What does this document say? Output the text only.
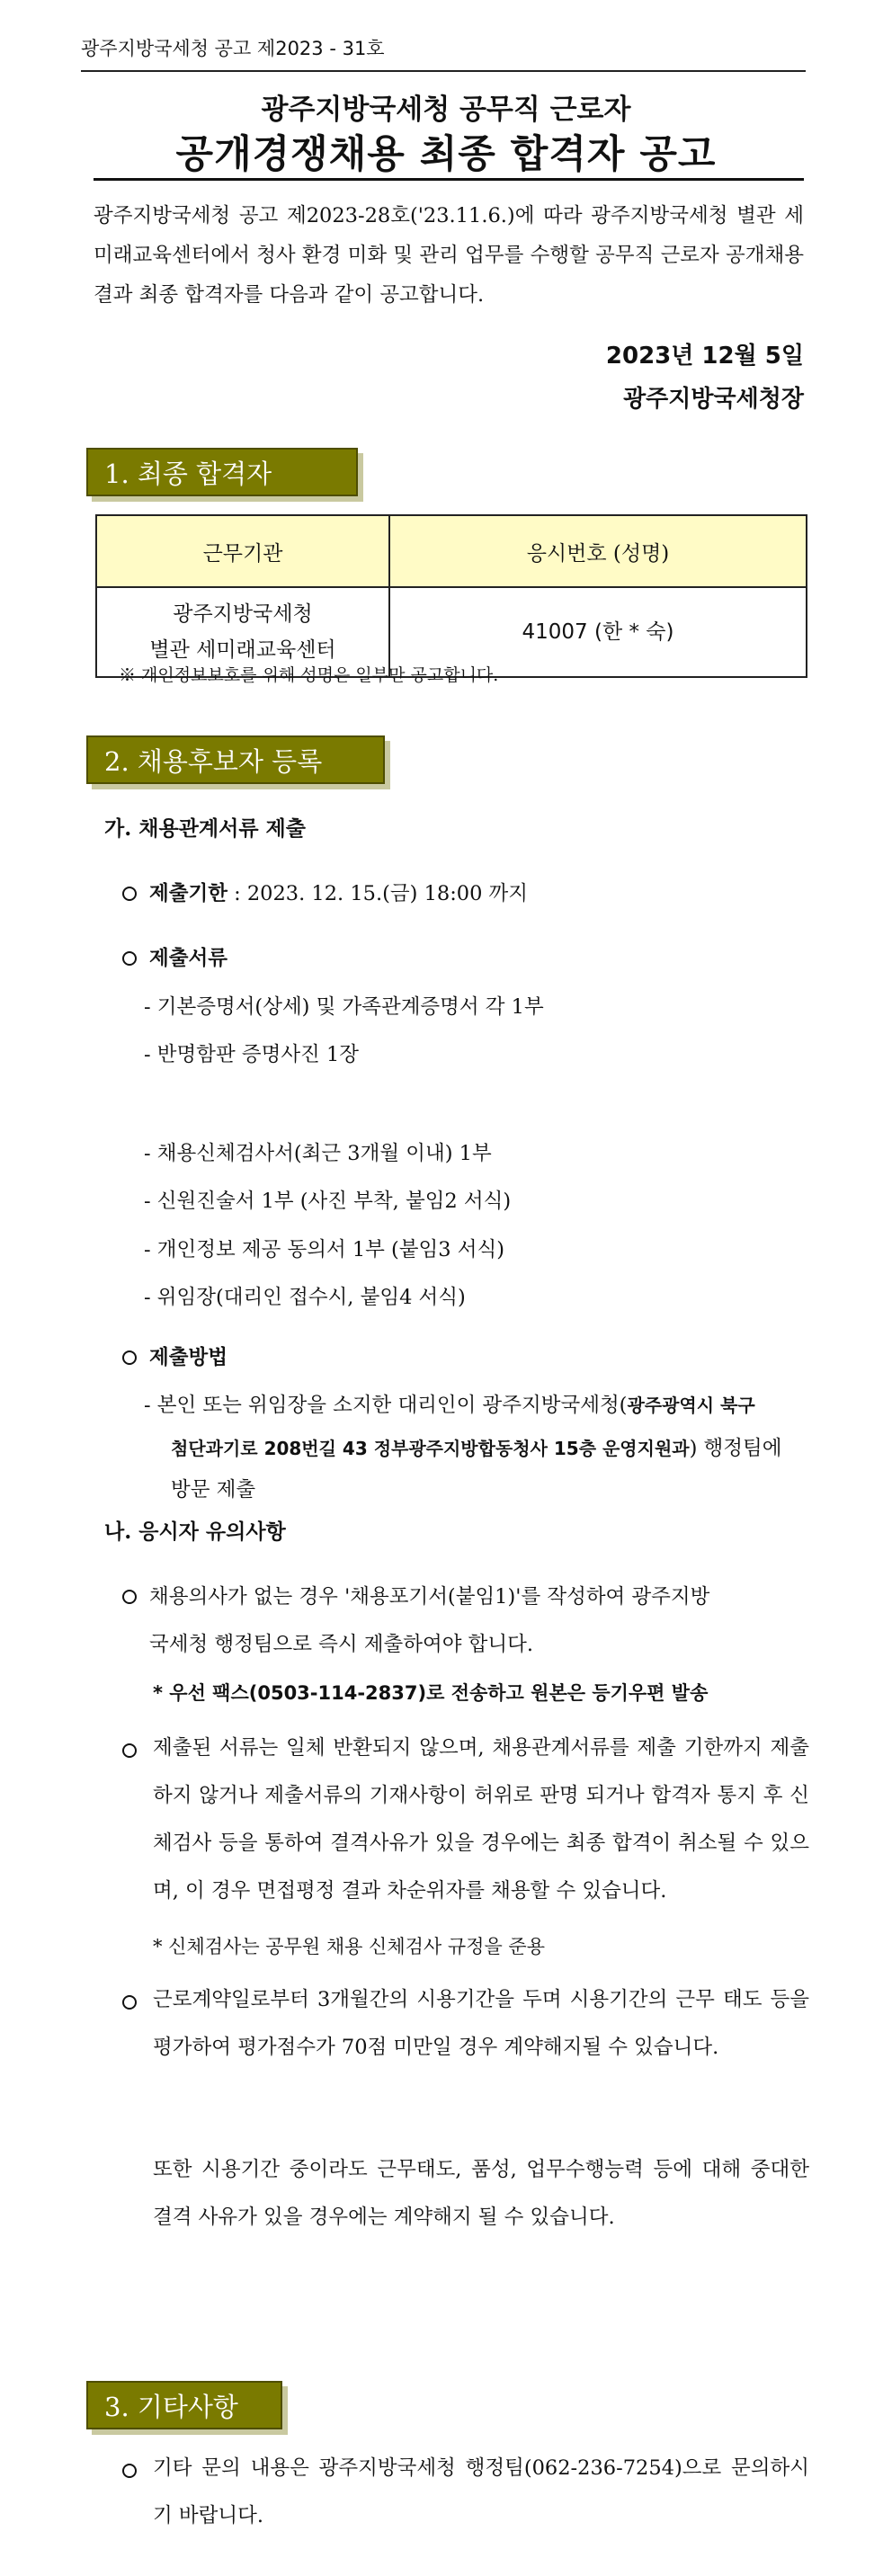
광주지방국세청 공고 제2023 - 31호
광주지방국세청 공무직 근로자
공개경쟁채용 최종 합격자 공고
광주지방국세청 공고 제2023-28호('23.11.6.)에 따라 광주지방국세청 별관 세미래교육센터에서 청사 환경 미화 및 관리 업무를 수행할 공무직 근로자 공개채용 결과 최종 합격자를 다음과 같이 공고합니다.
2023년 12월 5일
광주지방국세청장
1. 최종 합격자
근무기관	응시번호 (성명)

광주지방국세청
별관 세미래교육센터	41007 (한 * 숙)
※ 개인정보보호를 위해 성명은 일부만 공고합니다.
2. 채용후보자 등록
가. 채용관계서류 제출
제출기한 : 2023. 12. 15.(금) 18:00 까지
제출서류
- 기본증명서(상세) 및 가족관계증명서 각 1부
- 반명함판 증명사진 1장
- 채용신체검사서(최근 3개월 이내) 1부
- 신원진술서 1부 (사진 부착, 붙임2 서식)
- 개인정보 제공 동의서 1부 (붙임3 서식)
- 위임장(대리인 접수시, 붙임4 서식)
제출방법
- 본인 또는 위임장을 소지한 대리인이 광주지방국세청(광주광역시 북구
첨단과기로 208번길 43 정부광주지방합동청사 15층 운영지원과) 행정팀에
방문 제출
나. 응시자 유의사항
채용의사가 없는 경우 '채용포기서(붙임1)'를 작성하여 광주지방
국세청 행정팀으로 즉시 제출하여야 합니다.
* 우선 팩스(0503-114-2837)로 전송하고 원본은 등기우편 발송
제출된 서류는 일체 반환되지 않으며, 채용관계서류를 제출 기한까지 제출하지 않거나 제출서류의 기재사항이 허위로 판명 되거나 합격자 통지 후 신체검사 등을 통하여 결격사유가 있을 경우에는 최종 합격이 취소될 수 있으며, 이 경우 면접평정 결과 차순위자를 채용할 수 있습니다.
* 신체검사는 공무원 채용 신체검사 규정을 준용
근로계약일로부터 3개월간의 시용기간을 두며 시용기간의 근무 태도 등을 평가하여 평가점수가 70점 미만일 경우 계약해지될 수 있습니다.
또한 시용기간 중이라도 근무태도, 품성, 업무수행능력 등에 대해 중대한 결격 사유가 있을 경우에는 계약해지 될 수 있습니다.
3. 기타사항
기타 문의 내용은 광주지방국세청 행정팀(062-236-7254)으로 문의하시기 바랍니다.
